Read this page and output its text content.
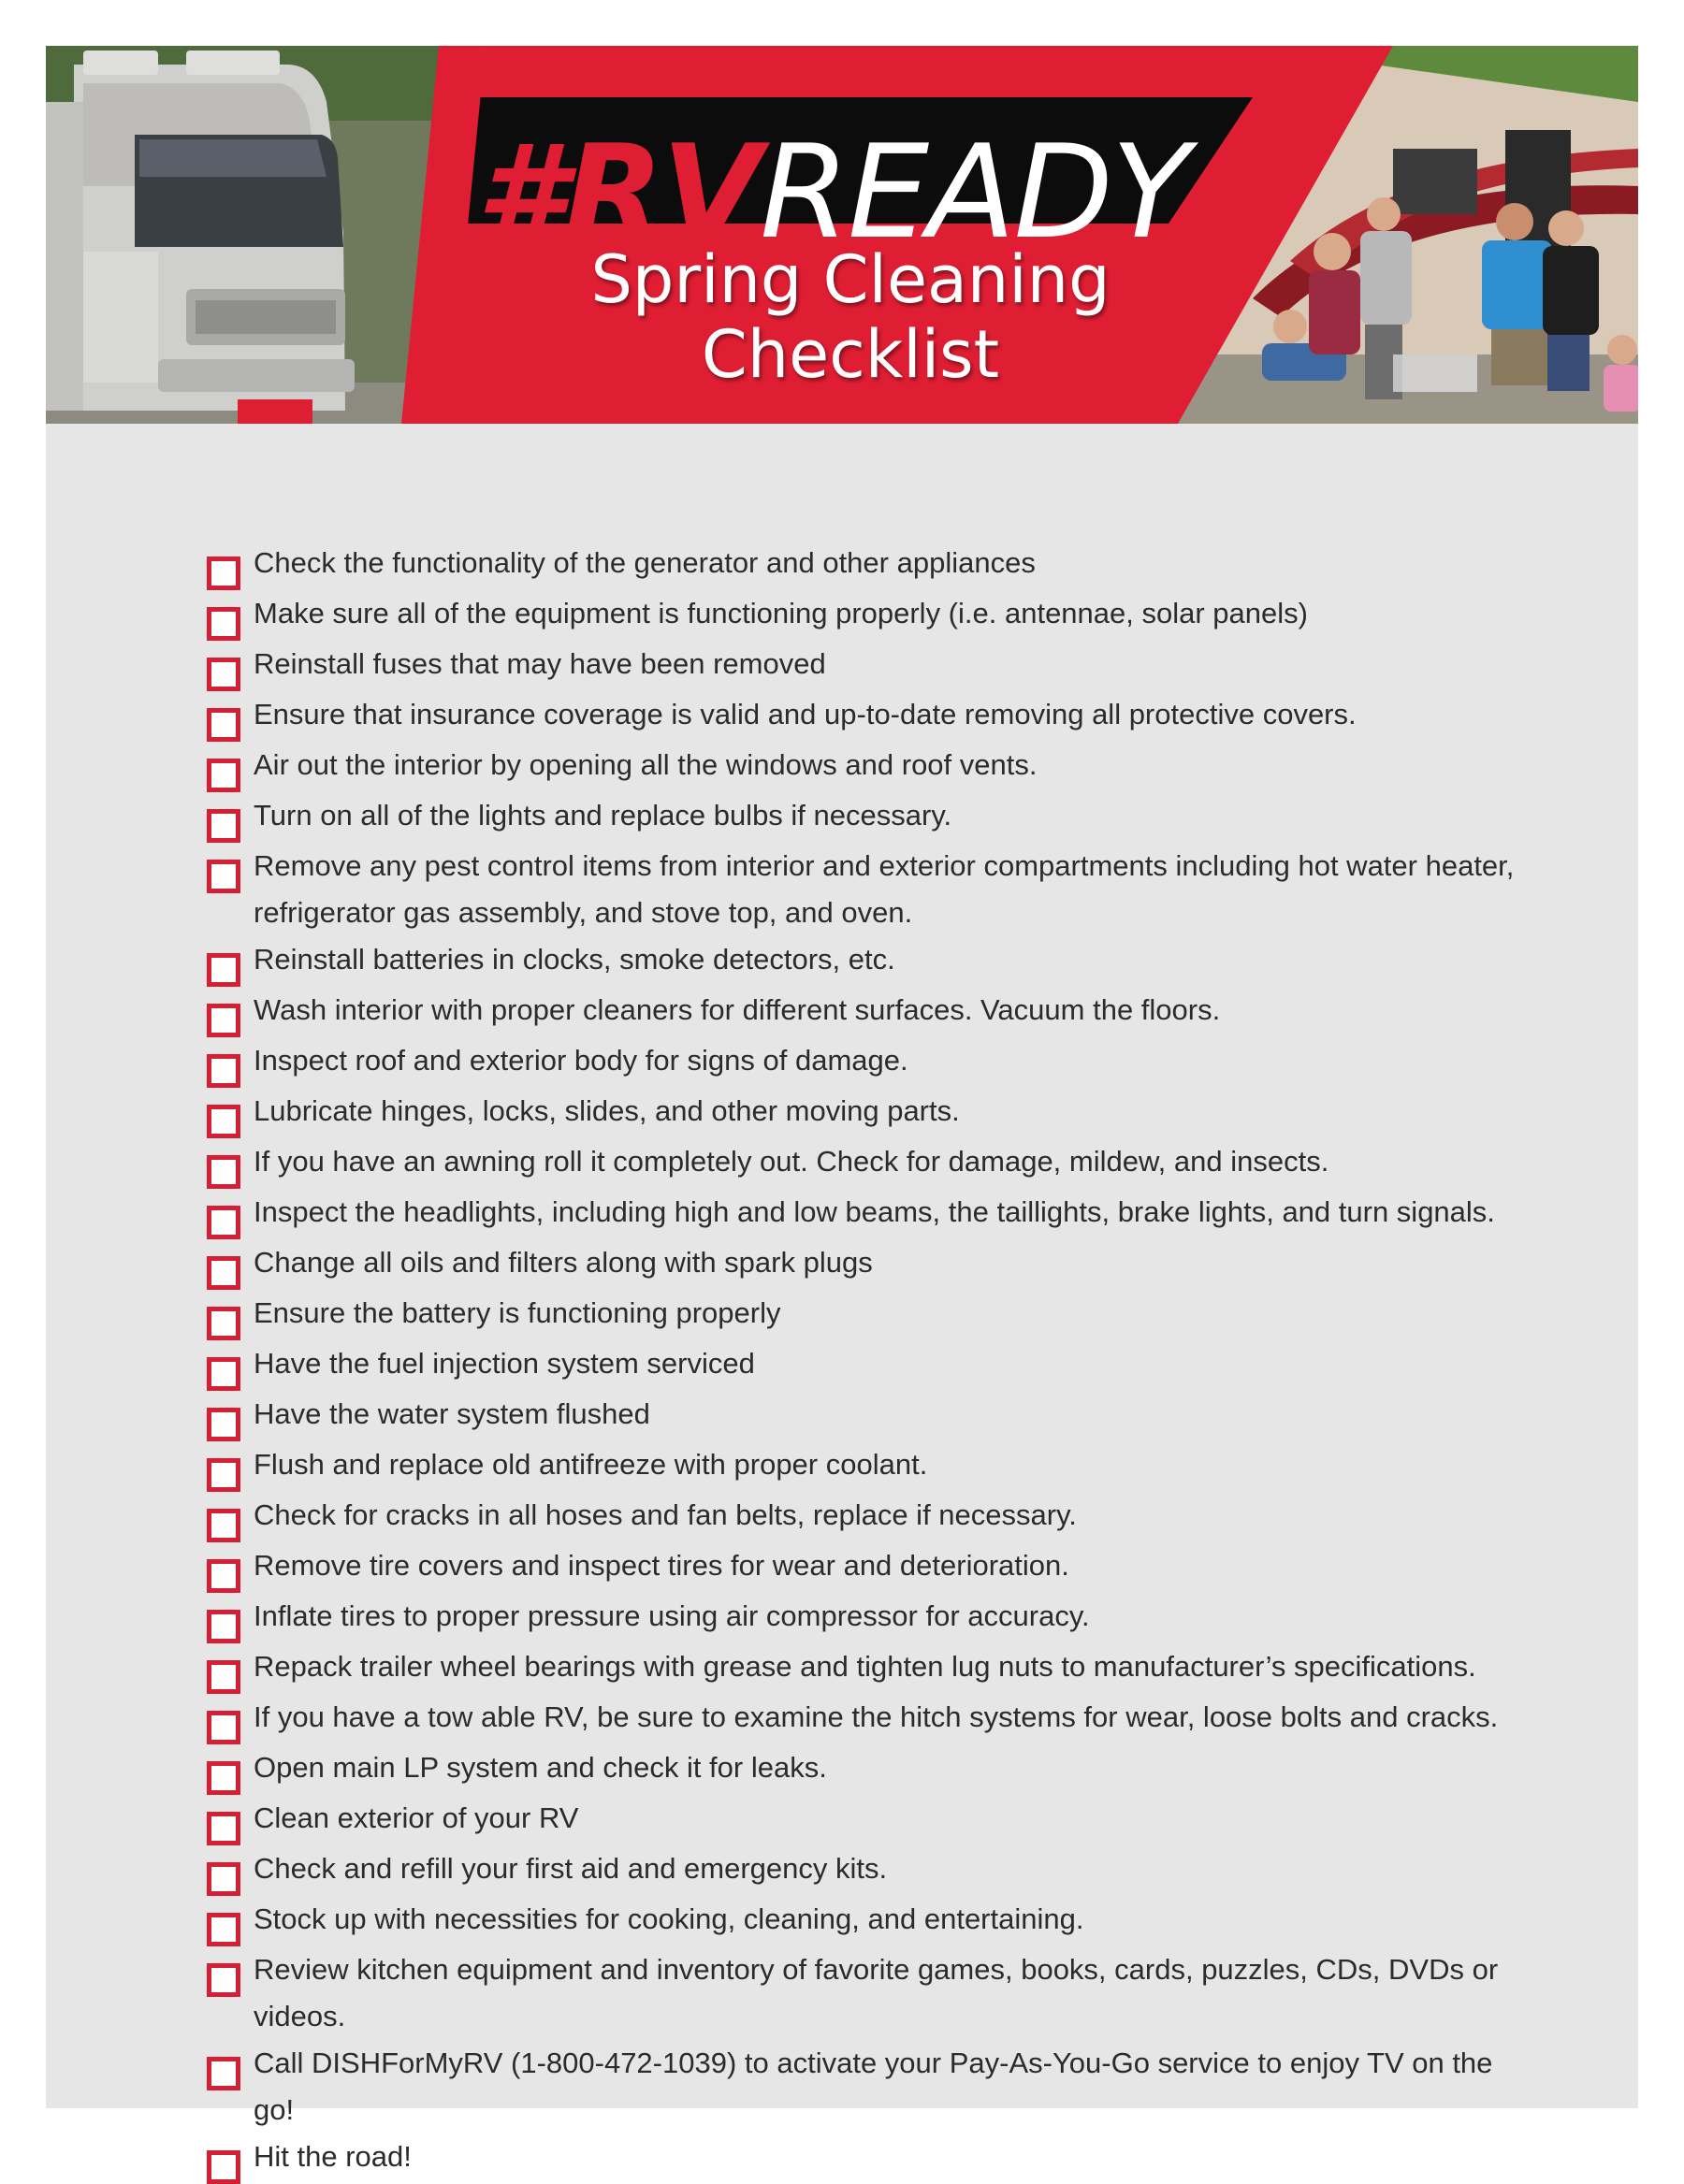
#RVREADY
Spring Cleaning
Checklist
Check the functionality of the generator and other appliances
Make sure all of the equipment is functioning properly (i.e. antennae, solar panels)
Reinstall fuses that may have been removed
Ensure that insurance coverage is valid and up-to-date removing all protective covers.
Air out the interior by opening all the windows and roof vents.
Turn on all of the lights and replace bulbs if necessary.
Remove any pest control items from interior and exterior compartments including hot water heater, refrigerator gas assembly, and stove top, and oven.
Reinstall batteries in clocks, smoke detectors, etc.
Wash interior with proper cleaners for different surfaces. Vacuum the floors.
Inspect roof and exterior body for signs of damage.
Lubricate hinges, locks, slides, and other moving parts.
If you have an awning roll it completely out. Check for damage, mildew, and insects.
Inspect the headlights, including high and low beams, the taillights, brake lights, and turn signals.
Change all oils and filters along with spark plugs
Ensure the battery is functioning properly
Have the fuel injection system serviced
Have the water system flushed
Flush and replace old antifreeze with proper coolant.
Check for cracks in all hoses and fan belts, replace if necessary.
Remove tire covers and inspect tires for wear and deterioration.
Inflate tires to proper pressure using air compressor for accuracy.
Repack trailer wheel bearings with grease and tighten lug nuts to manufacturer’s specifications.
If you have a tow able RV, be sure to examine the hitch systems for wear, loose bolts and cracks.
Open main LP system and check it for leaks.
Clean exterior of your RV
Check and refill your first aid and emergency kits.
Stock up with necessities for cooking, cleaning, and entertaining.
Review kitchen equipment and inventory of favorite games, books, cards, puzzles, CDs, DVDs or videos.
Call DISHForMyRV (1-800-472-1039) to activate your Pay-As-You-Go service to enjoy TV on the go!
Hit the road!
